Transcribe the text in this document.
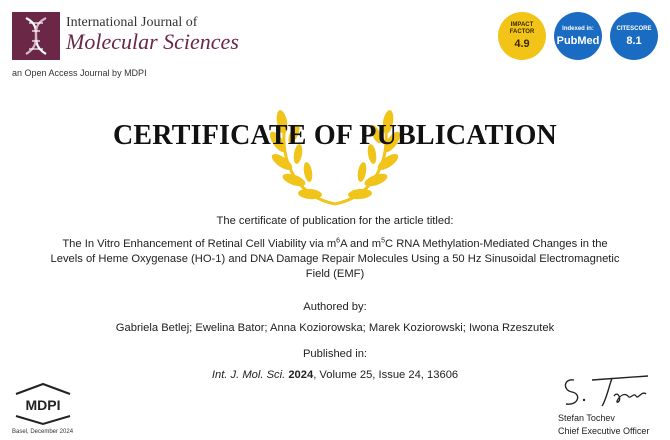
International Journal of
Molecular Sciences
an Open Access Journal by MDPI
IMPACT FACTOR
4.9
Indexed in:
PubMed
CITESCORE
8.1
CERTIFICATE OF PUBLICATION
The certificate of publication for the article titled:
The In Vitro Enhancement of Retinal Cell Viability via $m^6A$ and $m^5C$ RNA Methylation-Mediated Changes in the Levels of Heme Oxygenase (HO-1) and DNA Damage Repair Molecules Using a 50 Hz Sinusoidal Electromagnetic Field (EMF)
Authored by:
Gabriela Betlej; Ewelina Bator; Anna Koziorowska; Marek Koziorowski; Iwona Rzeszutek
Published in:
Int. J. Mol. Sci. 2024, Volume 25, Issue 24, 13606
MDPI
Basel, December 2024
Stefan Tochev
Chief Executive Officer
